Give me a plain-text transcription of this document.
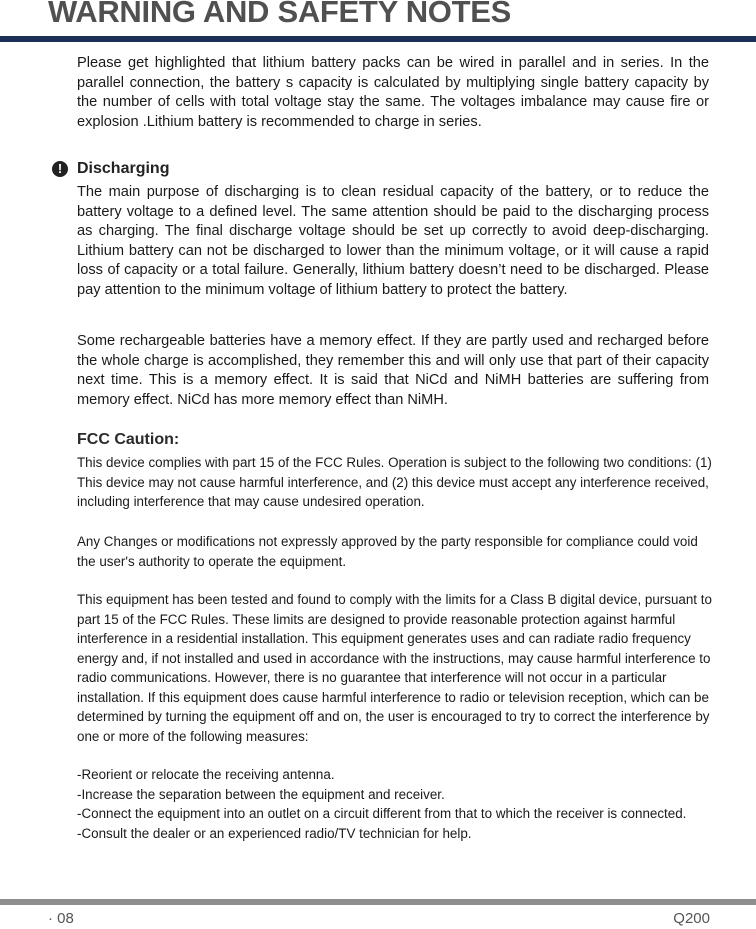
WARNING AND SAFETY NOTES

Please get highlighted that lithium battery packs can be wired in parallel and in series. In the parallel connection, the battery s capacity is calculated by multiplying single battery capacity by the number of cells with total voltage stay the same. The voltages imbalance may cause fire or explosion .Lithium battery is recommended to charge in series.

! Discharging

The main purpose of discharging is to clean residual capacity of the battery, or to reduce the battery voltage to a defined level. The same attention should be paid to the discharging process as charging. The final discharge voltage should be set up correctly to avoid deep-discharging. Lithium battery can not be discharged to lower than the minimum voltage, or it will cause a rapid loss of capacity or a total failure. Generally, lithium battery doesn’t need to be discharged. Please pay attention to the minimum voltage of lithium battery to protect the battery.

Some rechargeable batteries have a memory effect. If they are partly used and recharged before the whole charge is accomplished, they remember this and will only use that part of their capacity next time. This is a memory effect. It is said that NiCd and NiMH batteries are suffering from memory effect. NiCd has more memory effect than NiMH.

FCC Caution:

This device complies with part 15 of the FCC Rules. Operation is subject to the following two conditions: (1) This device may not cause harmful interference, and (2) this device must accept any interference received, including interference that may cause undesired operation.

Any Changes or modifications not expressly approved by the party responsible for compliance could void the user's authority to operate the equipment.

This equipment has been tested and found to comply with the limits for a Class B digital device, pursuant to part 15 of the FCC Rules. These limits are designed to provide reasonable protection against harmful interference in a residential installation. This equipment generates uses and can radiate radio frequency energy and, if not installed and used in accordance with the instructions, may cause harmful interference to radio communications. However, there is no guarantee that interference will not occur in a particular installation. If this equipment does cause harmful interference to radio or television reception, which can be determined by turning the equipment off and on, the user is encouraged to try to correct the interference by one or more of the following measures:

-Reorient or relocate the receiving antenna.
-Increase the separation between the equipment and receiver.
-Connect the equipment into an outlet on a circuit different from that to which the receiver is connected.
-Consult the dealer or an experienced radio/TV technician for help.
· 08	Q200
